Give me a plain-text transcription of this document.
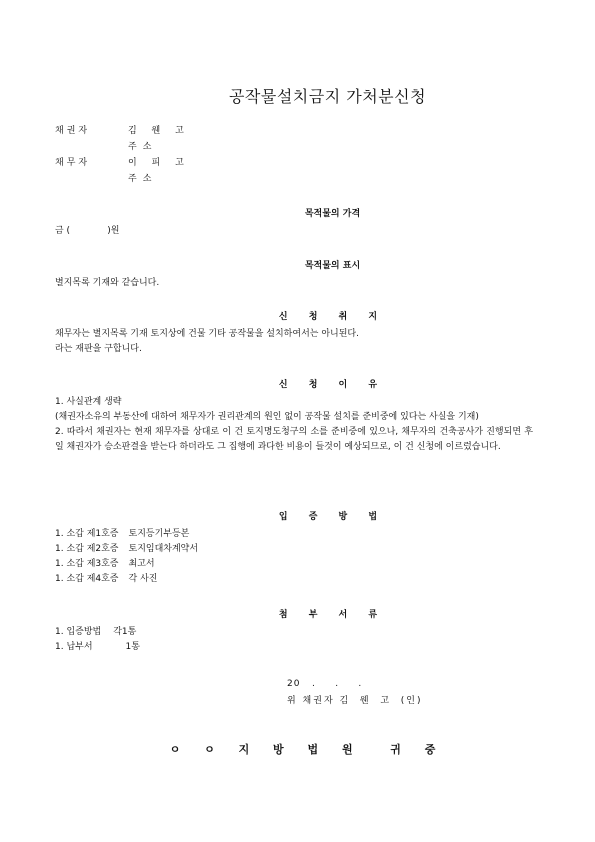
공작물설치금지 가처분신청
채권자	김 웬 고
주소
채무자	이 피 고
주소
목적물의 가격

금 (             )원

목적물의 표시

별지목록 기재와 같습니다.

신 청 취 지

채무자는 별지목록 기재 토지상에 건물 기타 공작물을 설치하여서는 아니된다.

라는 재판을 구합니다.

신 청 이 유

1. 사실관계 생략

(채권자소유의 부동산에 대하여 채무자가 권리관계의 원인 없이 공작물 설치를 준비중에 있다는 사실을 기재)

2. 따라서 채권자는 현재 채무자를 상대로 이 건 토지명도청구의 소를 준비중에 있으나, 채무자의 건축공사가 진행되면 후일 채권자가 승소판결을 받는다 하더라도 그 집행에 과다한 비용이 들것이 예상되므로, 이 건 신청에 이르렀습니다.

입 증 방 법
1. 소갑 제1호증 토지등기부등본
1. 소갑 제2호증 토지임대차계약서
1. 소갑 제3호증 최고서
1. 소갑 제4호증 각 사진
첨 부 서 류
1. 입증방법 각1통
1. 납부서	1통
20   .     .     .
위 채권자 김  웬  고  (인)
ㅇ ㅇ 지 방 법 원  귀 중
